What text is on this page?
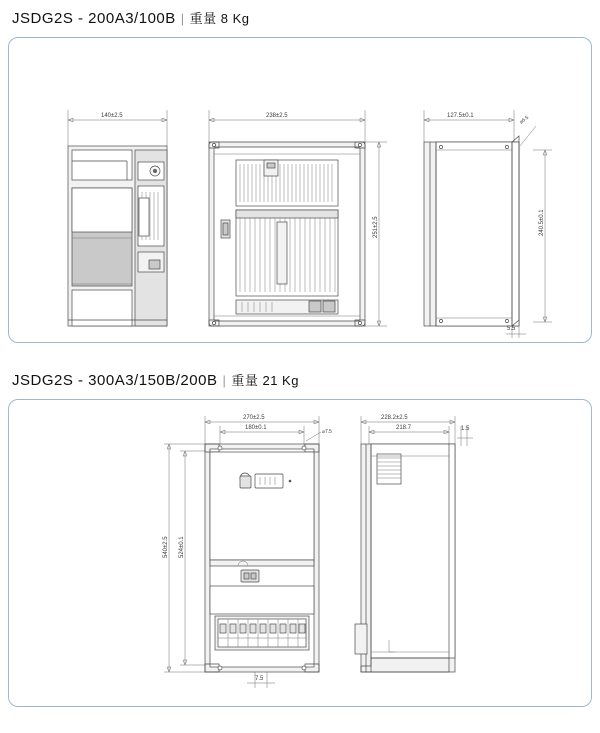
JSDG2S - 200A3/100B | 重量 8 Kg
140±2.5	238±2.5
251±2.5
127.5±0.1	⌀6.5
240.5±0.1
5.5
JSDG2S - 300A3/150B/200B | 重量 21 Kg
270±2.5
180±0.1
⌀7.5
540±2.5 524±0.1
7.5
228.2±2.5
218.7	1.5
